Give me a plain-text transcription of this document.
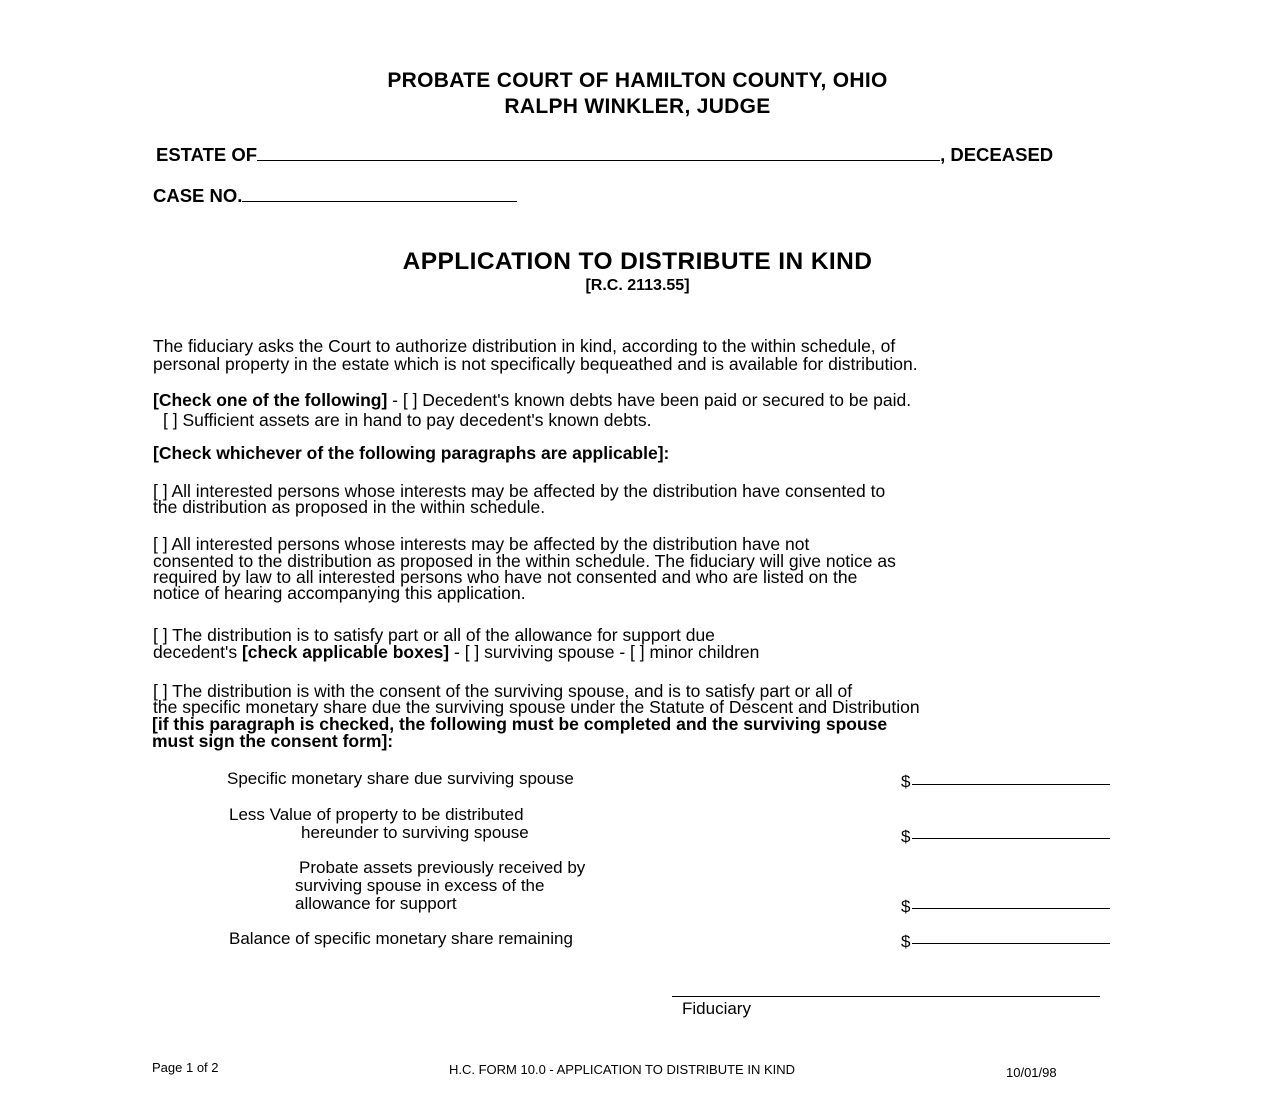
PROBATE COURT OF HAMILTON COUNTY, OHIO
RALPH WINKLER, JUDGE
ESTATE OF	, DECEASED
CASE NO.
APPLICATION TO DISTRIBUTE IN KIND
[R.C. 2113.55]
The fiduciary asks the Court to authorize distribution in kind, according to the within schedule, of
personal property in the estate which is not specifically bequeathed and is available for distribution.
[Check one of the following] - [ ] Decedent's known debts have been paid or secured to be paid.
[ ] Sufficient assets are in hand to pay decedent's known debts.
[Check whichever of the following paragraphs are applicable]:
[ ] All interested persons whose interests may be affected by the distribution have consented to
the distribution as proposed in the within schedule.
[ ] All interested persons whose interests may be affected by the distribution have not
consented to the distribution as proposed in the within schedule. The fiduciary will give notice as
required by law to all interested persons who have not consented and who are listed on the
notice of hearing accompanying this application.
[ ] The distribution is to satisfy part or all of the allowance for support due
decedent's [check applicable boxes] - [ ] surviving spouse - [ ] minor children
[ ] The distribution is with the consent of the surviving spouse, and is to satisfy part or all of
the specific monetary share due the surviving spouse under the Statute of Descent and Distribution
[if this paragraph is checked, the following must be completed and the surviving spouse
must sign the consent form]:
Specific monetary share due surviving spouse	$
Less Value of property to be distributed
hereunder to surviving spouse	$
Probate assets previously received by
surviving spouse in excess of the
allowance for support	$
Balance of specific monetary share remaining	$
Fiduciary
Page 1 of 2	H.C. FORM 10.0 - APPLICATION TO DISTRIBUTE IN KIND	10/01/98
